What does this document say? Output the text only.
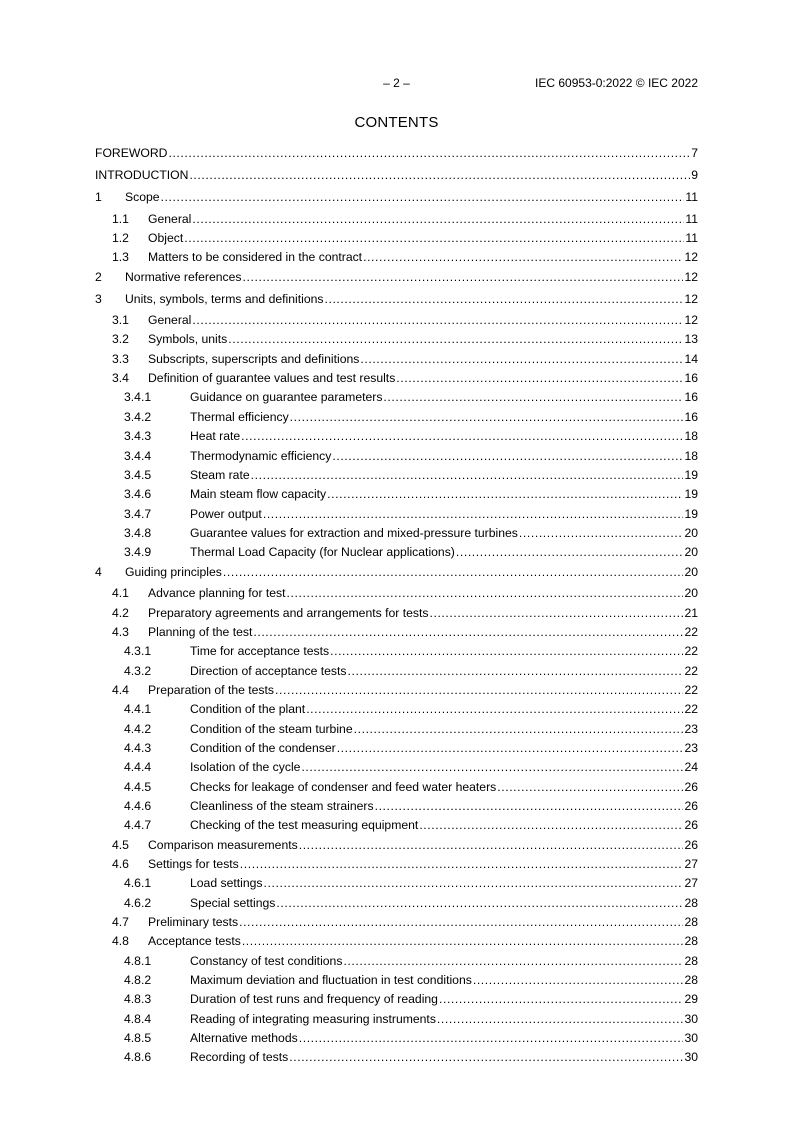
– 2 –	IEC 60953-0:2022 © IEC 2022
CONTENTS
FOREWORD .....	7
INTRODUCTION .....	9
1	Scope .....	11
1.1	General .....	11
1.2	Object .....	11
1.3	Matters to be considered in the contract .....	12
2	Normative references .....	12
3	Units, symbols, terms and definitions .....	12
3.1	General .....	12
3.2	Symbols, units .....	13
3.3	Subscripts, superscripts and definitions .....	14
3.4	Definition of guarantee values and test results .....	16
3.4.1	Guidance on guarantee parameters .....	16
3.4.2	Thermal efficiency .....	16
3.4.3	Heat rate .....	18
3.4.4	Thermodynamic efficiency .....	18
3.4.5	Steam rate .....	19
3.4.6	Main steam flow capacity .....	19
3.4.7	Power output .....	19
3.4.8	Guarantee values for extraction and mixed-pressure turbines .....	20
3.4.9	Thermal Load Capacity (for Nuclear applications) .....	20
4	Guiding principles .....	20
4.1	Advance planning for test .....	20
4.2	Preparatory agreements and arrangements for tests .....	21
4.3	Planning of the test .....	22
4.3.1	Time for acceptance tests .....	22
4.3.2	Direction of acceptance tests .....	22
4.4	Preparation of the tests .....	22
4.4.1	Condition of the plant .....	22
4.4.2	Condition of the steam turbine .....	23
4.4.3	Condition of the condenser .....	23
4.4.4	Isolation of the cycle .....	24
4.4.5	Checks for leakage of condenser and feed water heaters .....	26
4.4.6	Cleanliness of the steam strainers .....	26
4.4.7	Checking of the test measuring equipment .....	26
4.5	Comparison measurements .....	26
4.6	Settings for tests .....	27
4.6.1	Load settings .....	27
4.6.2	Special settings .....	28
4.7	Preliminary tests .....	28
4.8	Acceptance tests .....	28
4.8.1	Constancy of test conditions .....	28
4.8.2	Maximum deviation and fluctuation in test conditions .....	28
4.8.3	Duration of test runs and frequency of reading .....	29
4.8.4	Reading of integrating measuring instruments .....	30
4.8.5	Alternative methods .....	30
4.8.6	Recording of tests .....	30
